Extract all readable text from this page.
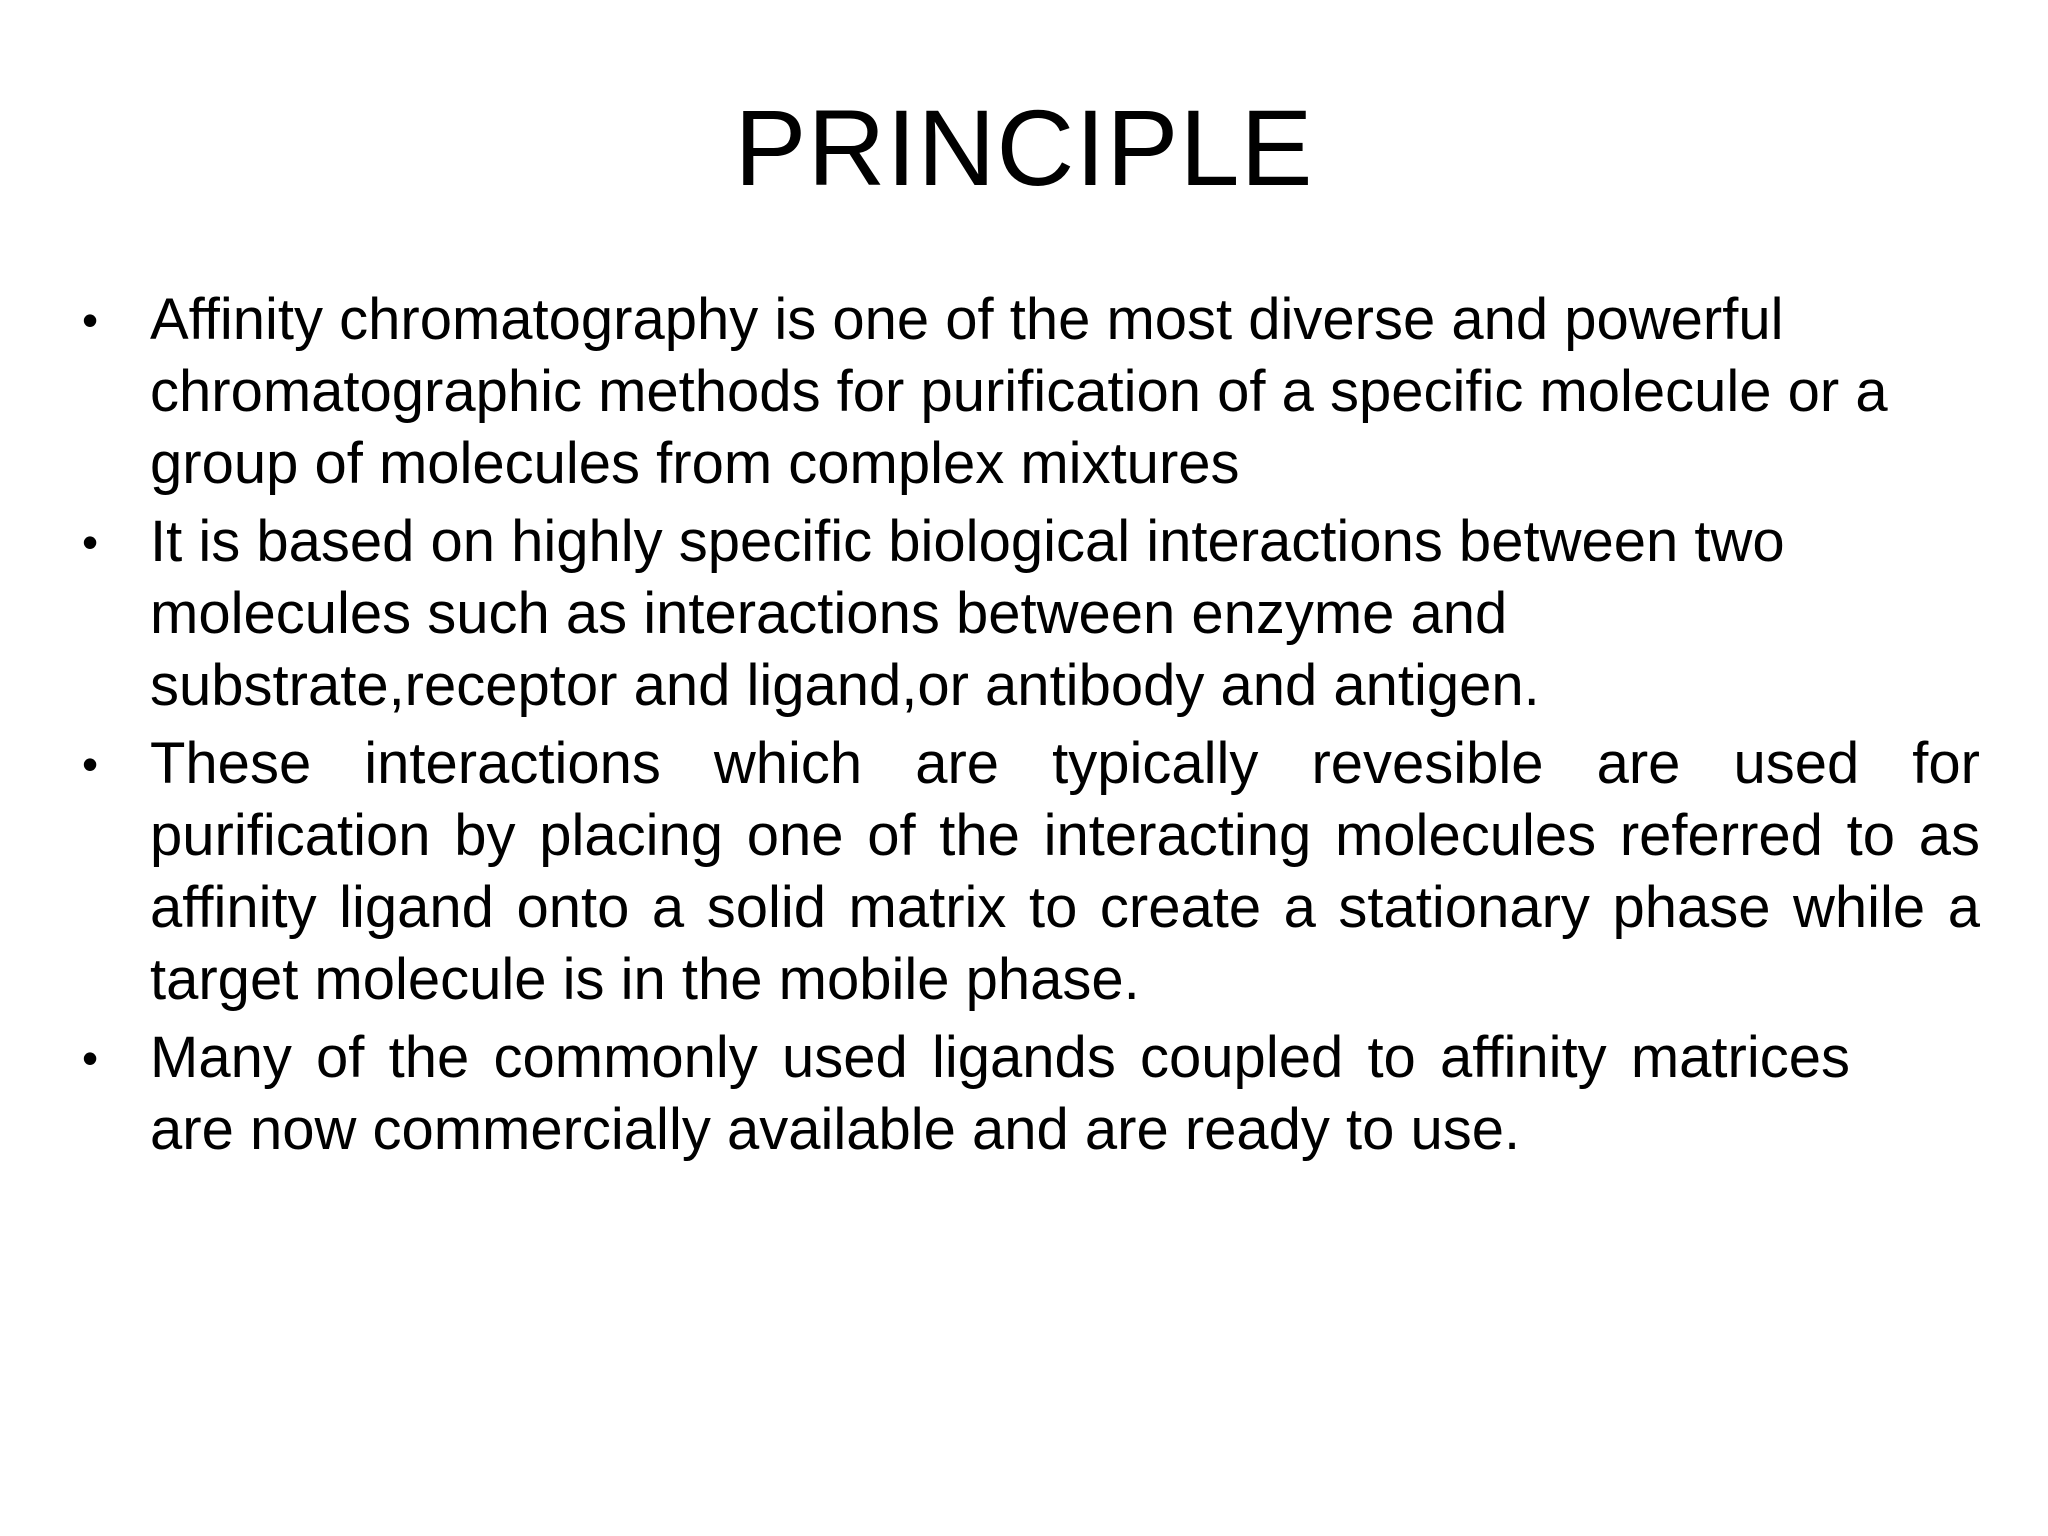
PRINCIPLE
• Affinity chromatography is one of the most diverse and powerful chromatographic methods for purification of a specific molecule or a group of molecules from complex mixtures
• It is based on highly specific biological interactions between two molecules such as interactions between enzyme and substrate,receptor and ligand,or antibody and antigen.
• These interactions which are typically revesible are used for purification by placing one of the interacting molecules referred to as affinity ligand onto a solid matrix to create a stationary phase while a target molecule is in the mobile phase.
• Many of the commonly used ligands coupled to affinity matrices are now commercially available and are ready to use.
